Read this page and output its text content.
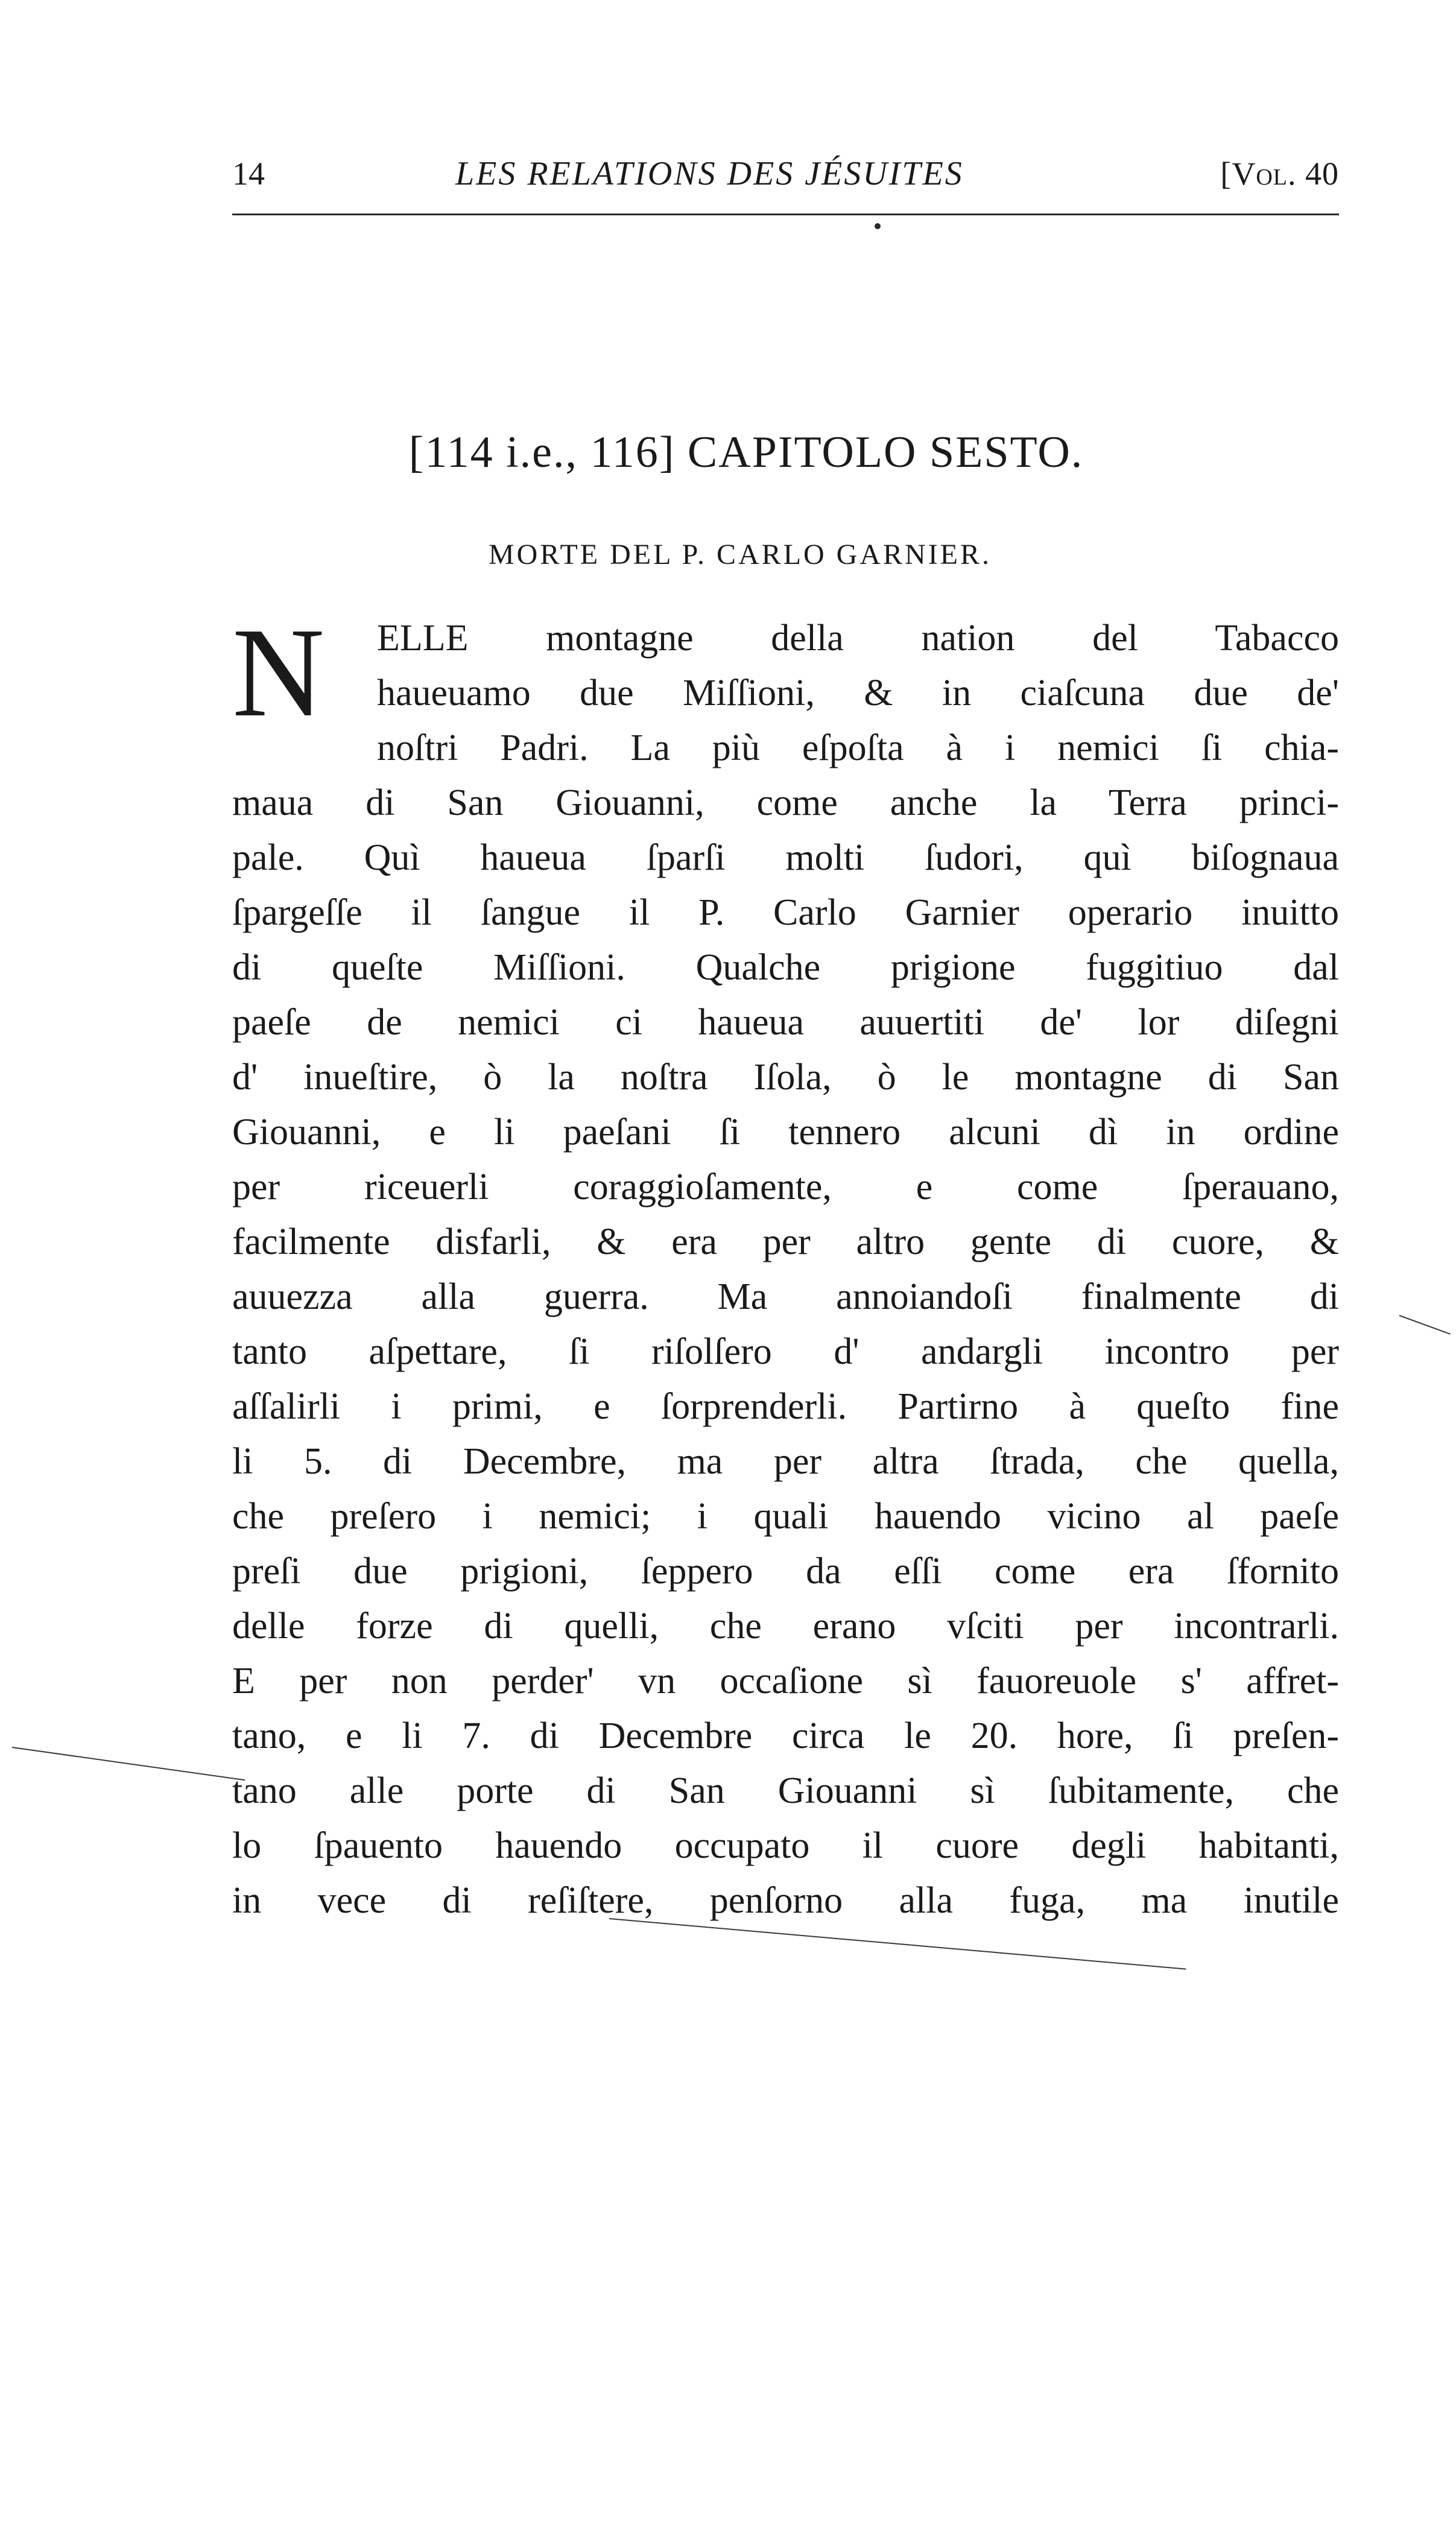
14	LES RELATIONS DES JÉSUITES	[Vol. 40
[114 i.e., 116] CAPITOLO SESTO.
MORTE DEL P. CARLO GARNIER.
N	ELLE montagne della nation del Tabacco
haueuamo due Miſſioni, & in ciaſcuna due de'
noſtri Padri. La più eſpoſta à i nemici ſi chia-
maua di San Giouanni, come anche la Terra princi-
pale. Quì haueua ſparſi molti ſudori, quì biſognaua
ſpargeſſe il ſangue il P. Carlo Garnier operario inuitto
di queſte Miſſioni. Qualche prigione fuggitiuo dal
paeſe de nemici ci haueua auuertiti de' lor diſegni
d' inueſtire, ò la noſtra Iſola, ò le montagne di San
Giouanni, e li paeſani ſi tennero alcuni dì in ordine
per riceuerli coraggioſamente, e come ſperauano,
facilmente disfarli, & era per altro gente di cuore, &
auuezza alla guerra. Ma annoiandoſi finalmente di
tanto aſpettare, ſi riſolſero d' andargli incontro per
aſſalirli i primi, e ſorprenderli. Partirno à queſto fine
li 5. di Decembre, ma per altra ſtrada, che quella,
che preſero i nemici; i quali hauendo vicino al paeſe
preſi due prigioni, ſeppero da eſſi come era ſfornito
delle forze di quelli, che erano vſciti per incontrarli.
E per non perder' vn occaſione sì fauoreuole s' affret-
tano, e li 7. di Decembre circa le 20. hore, ſi preſen-
tano alle porte di San Giouanni sì ſubitamente, che
lo ſpauento hauendo occupato il cuore degli habitanti,
in vece di reſiſtere, penſorno alla fuga, ma inutile
